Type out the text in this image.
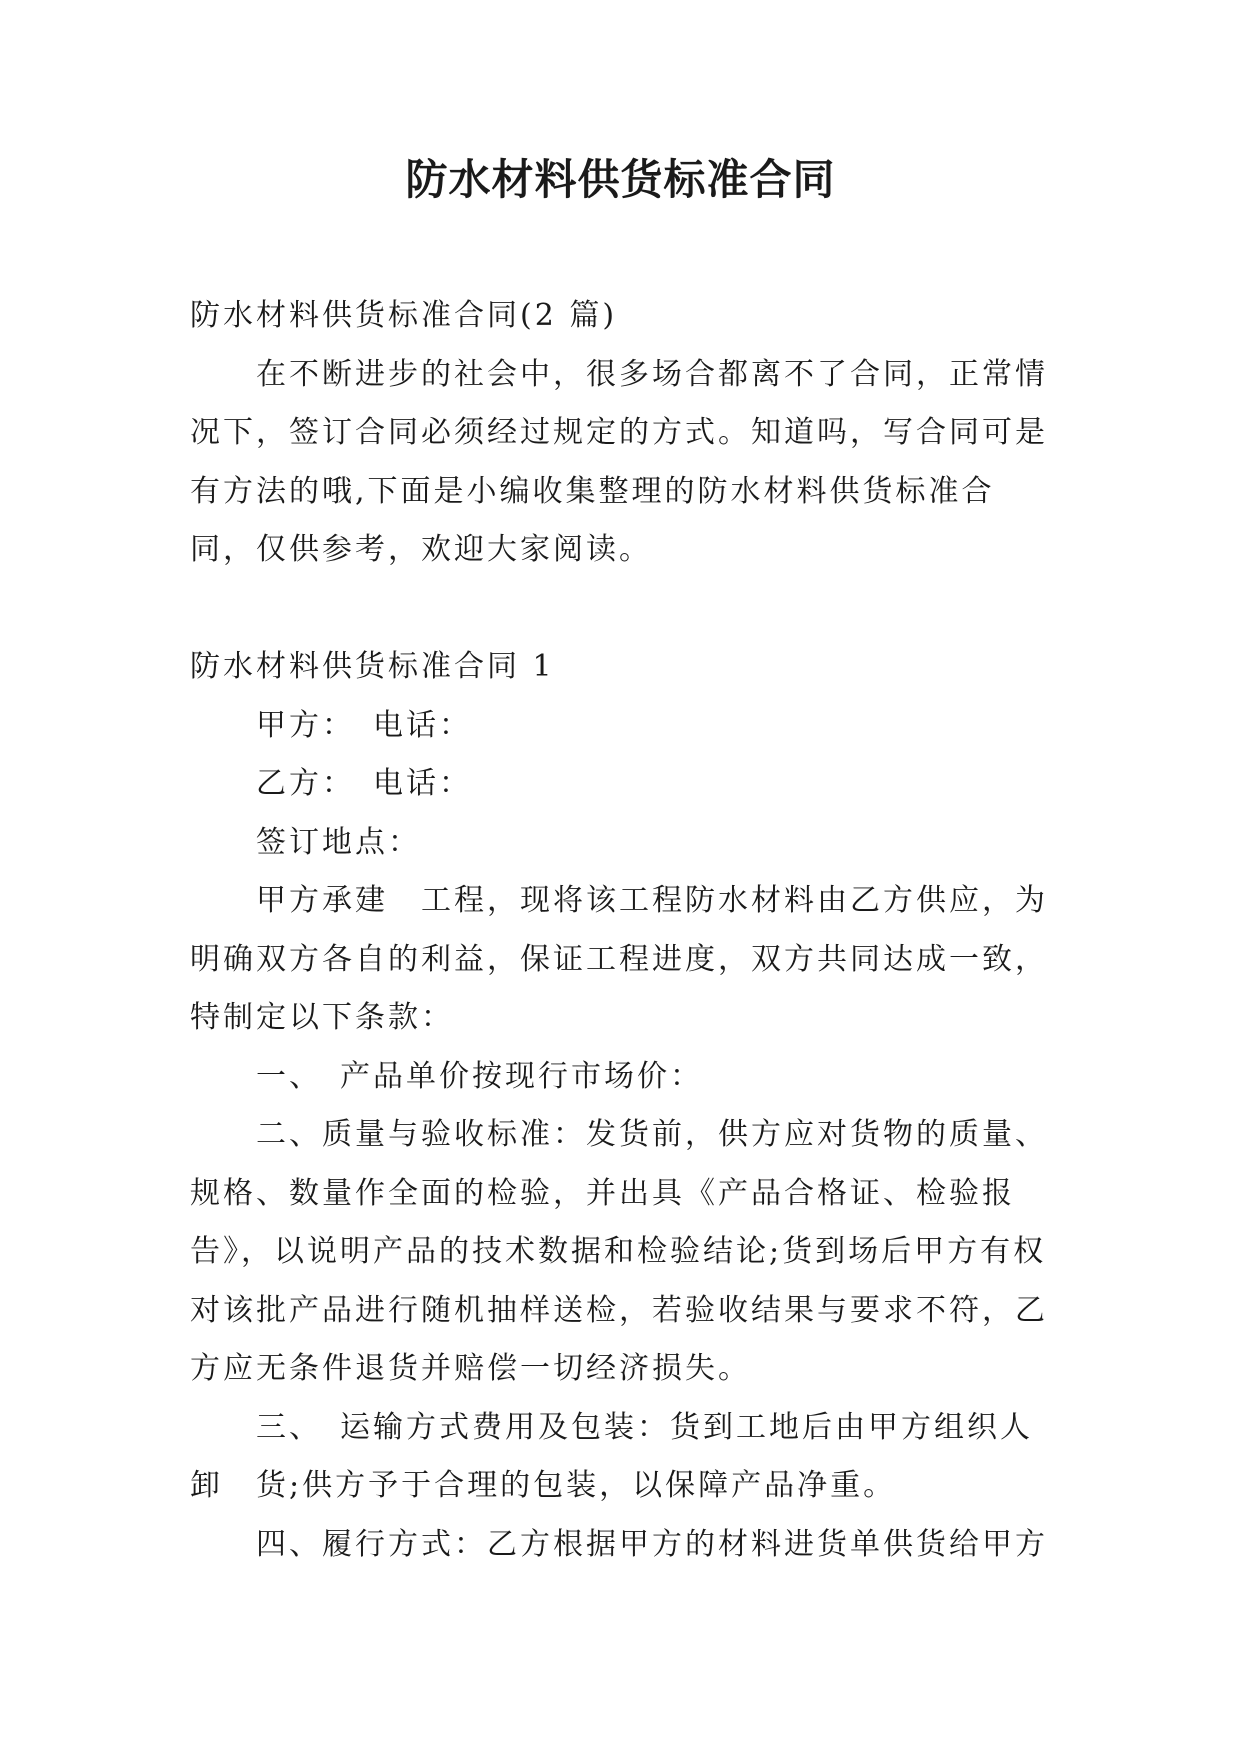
防水材料供货标准合同

防水材料供货标准合同(2 篇)

在不断进步的社会中，很多场合都离不了合同，正常情况下，签订合同必须经过规定的方式。知道吗，写合同可是有方法的哦,下面是小编收集整理的防水材料供货标准合同，仅供参考，欢迎大家阅读。

防水材料供货标准合同 1

甲方：　电话：

乙方：　电话：

签订地点：

甲方承建　工程，现将该工程防水材料由乙方供应，为明确双方各自的利益，保证工程进度，双方共同达成一致，特制定以下条款：

一、　产品单价按现行市场价：

二、质量与验收标准：发货前，供方应对货物的质量、规格、数量作全面的检验，并出具《产品合格证、检验报告》，以说明产品的技术数据和检验结论;货到场后甲方有权对该批产品进行随机抽样送检，若验收结果与要求不符，乙方应无条件退货并赔偿一切经济损失。

三、　运输方式费用及包装：货到工地后由甲方组织人卸　货;供方予于合理的包装，以保障产品净重。

四、履行方式：乙方根据甲方的材料进货单供货给甲方
